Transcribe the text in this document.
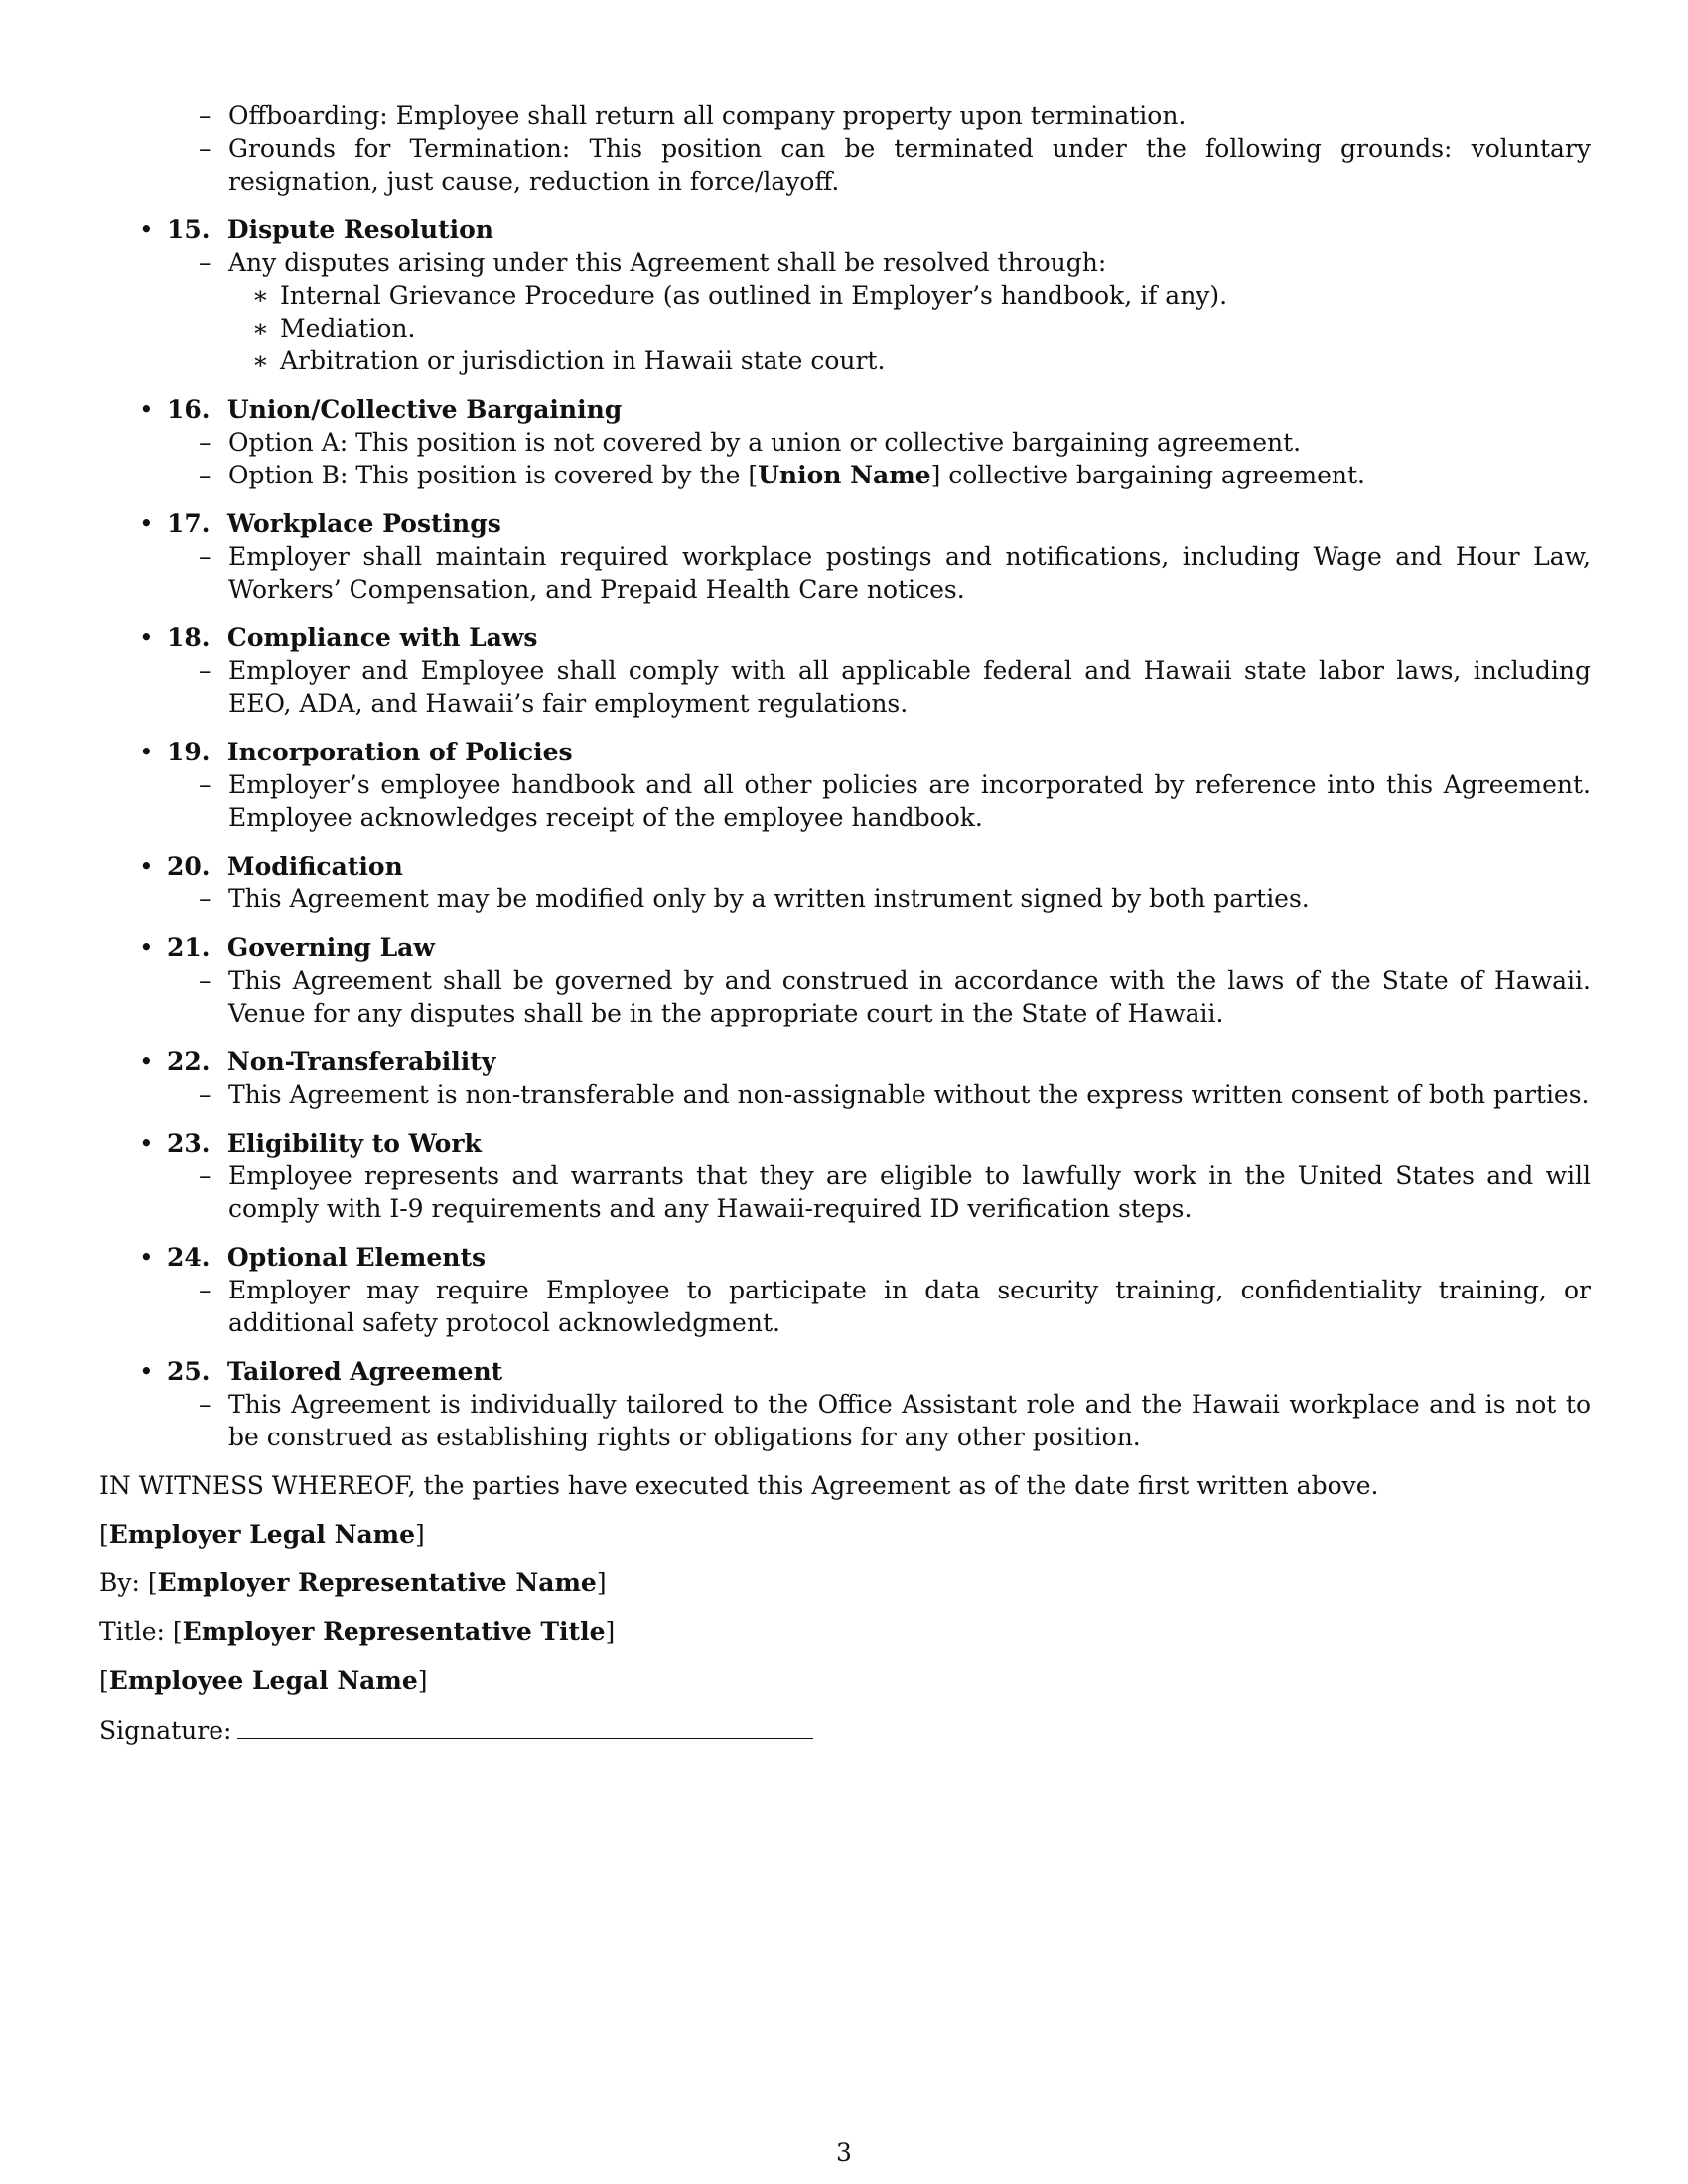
– Offboarding: Employee shall return all company property upon termination.
– Grounds for Termination: This position can be terminated under the following grounds: voluntary resignation, just cause, reduction in force/layoff.
• 15. Dispute Resolution
– Any disputes arising under this Agreement shall be resolved through:
∗ Internal Grievance Procedure (as outlined in Employer’s handbook, if any).
∗ Mediation.
∗ Arbitration or jurisdiction in Hawaii state court.
• 16. Union/Collective Bargaining
– Option A: This position is not covered by a union or collective bargaining agreement.
– Option B: This position is covered by the [Union Name] collective bargaining agreement.
• 17. Workplace Postings
– Employer shall maintain required workplace postings and notifications, including Wage and Hour Law, Workers’ Compensation, and Prepaid Health Care notices.
• 18. Compliance with Laws
– Employer and Employee shall comply with all applicable federal and Hawaii state labor laws, including EEO, ADA, and Hawaii’s fair employment regulations.
• 19. Incorporation of Policies
– Employer’s employee handbook and all other policies are incorporated by reference into this Agreement. Employee acknowledges receipt of the employee handbook.
• 20. Modification
– This Agreement may be modified only by a written instrument signed by both parties.
• 21. Governing Law
– This Agreement shall be governed by and construed in accordance with the laws of the State of Hawaii. Venue for any disputes shall be in the appropriate court in the State of Hawaii.
• 22. Non-Transferability
– This Agreement is non-transferable and non-assignable without the express written consent of both parties.
• 23. Eligibility to Work
– Employee represents and warrants that they are eligible to lawfully work in the United States and will comply with I-9 requirements and any Hawaii-required ID verification steps.
• 24. Optional Elements
– Employer may require Employee to participate in data security training, confidentiality training, or additional safety protocol acknowledgment.
• 25. Tailored Agreement
– This Agreement is individually tailored to the Office Assistant role and the Hawaii workplace and is not to be construed as establishing rights or obligations for any other position.

IN WITNESS WHEREOF, the parties have executed this Agreement as of the date first written above.

[Employer Legal Name]

By: [Employer Representative Name]

Title: [Employer Representative Title]

[Employee Legal Name]

Signature:

3
